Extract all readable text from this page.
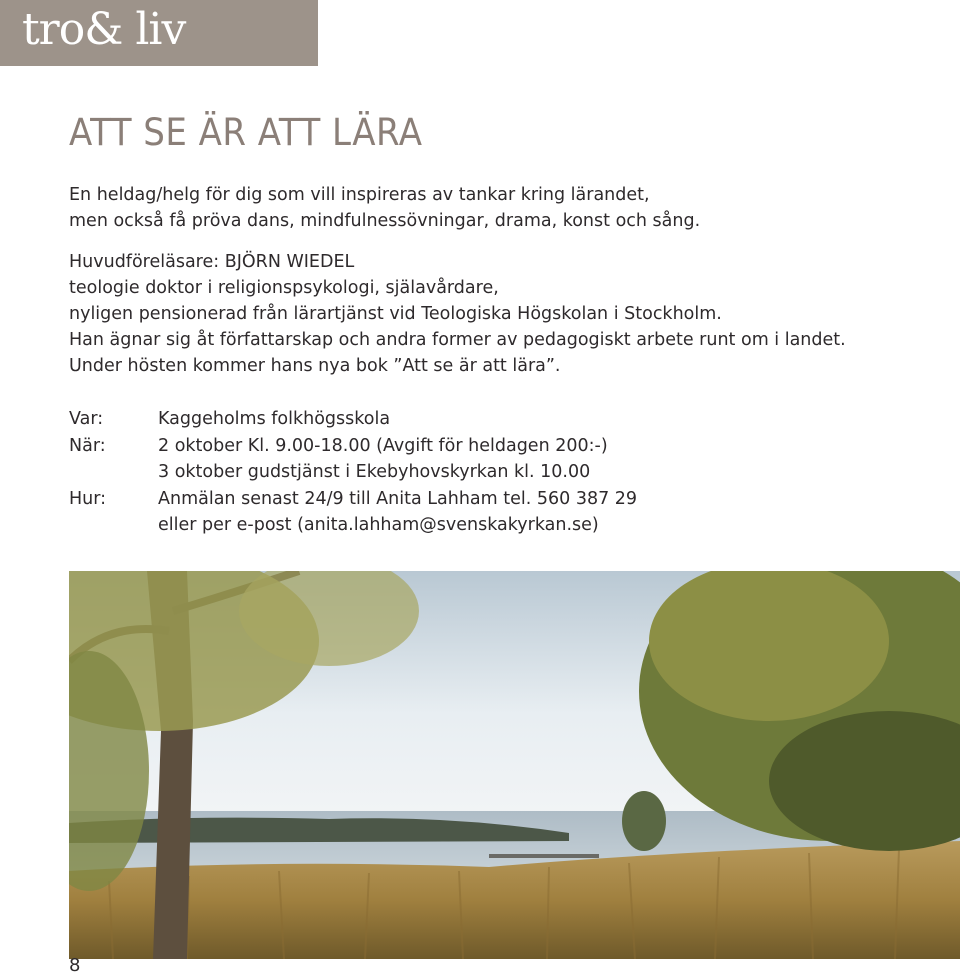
tro& liv
ATT SE ÄR ATT LÄRA
En heldag/helg för dig som vill inspireras av tankar kring lärandet,
men också få pröva dans, mindfulnessövningar, drama, konst och sång.
Huvudföreläsare: BJÖRN WIEDEL
teologie doktor i religionspsykologi, själavårdare,
nyligen pensionerad från lärartjänst vid Teologiska Högskolan i Stockholm.
Han ägnar sig åt författarskap och andra former av pedagogiskt arbete runt om i landet.
Under hösten kommer hans nya bok ”Att se är att lära”.
Var:	Kaggeholms folkhögsskola
När:	2 oktober Kl. 9.00-18.00 (Avgift för heldagen 200:-)
3 oktober gudstjänst i Ekebyhovskyrkan kl. 10.00
Hur:	Anmälan senast 24/9 till Anita Lahham tel. 560 387 29
eller per e-post (anita.lahham@svenskakyrkan.se)
8
